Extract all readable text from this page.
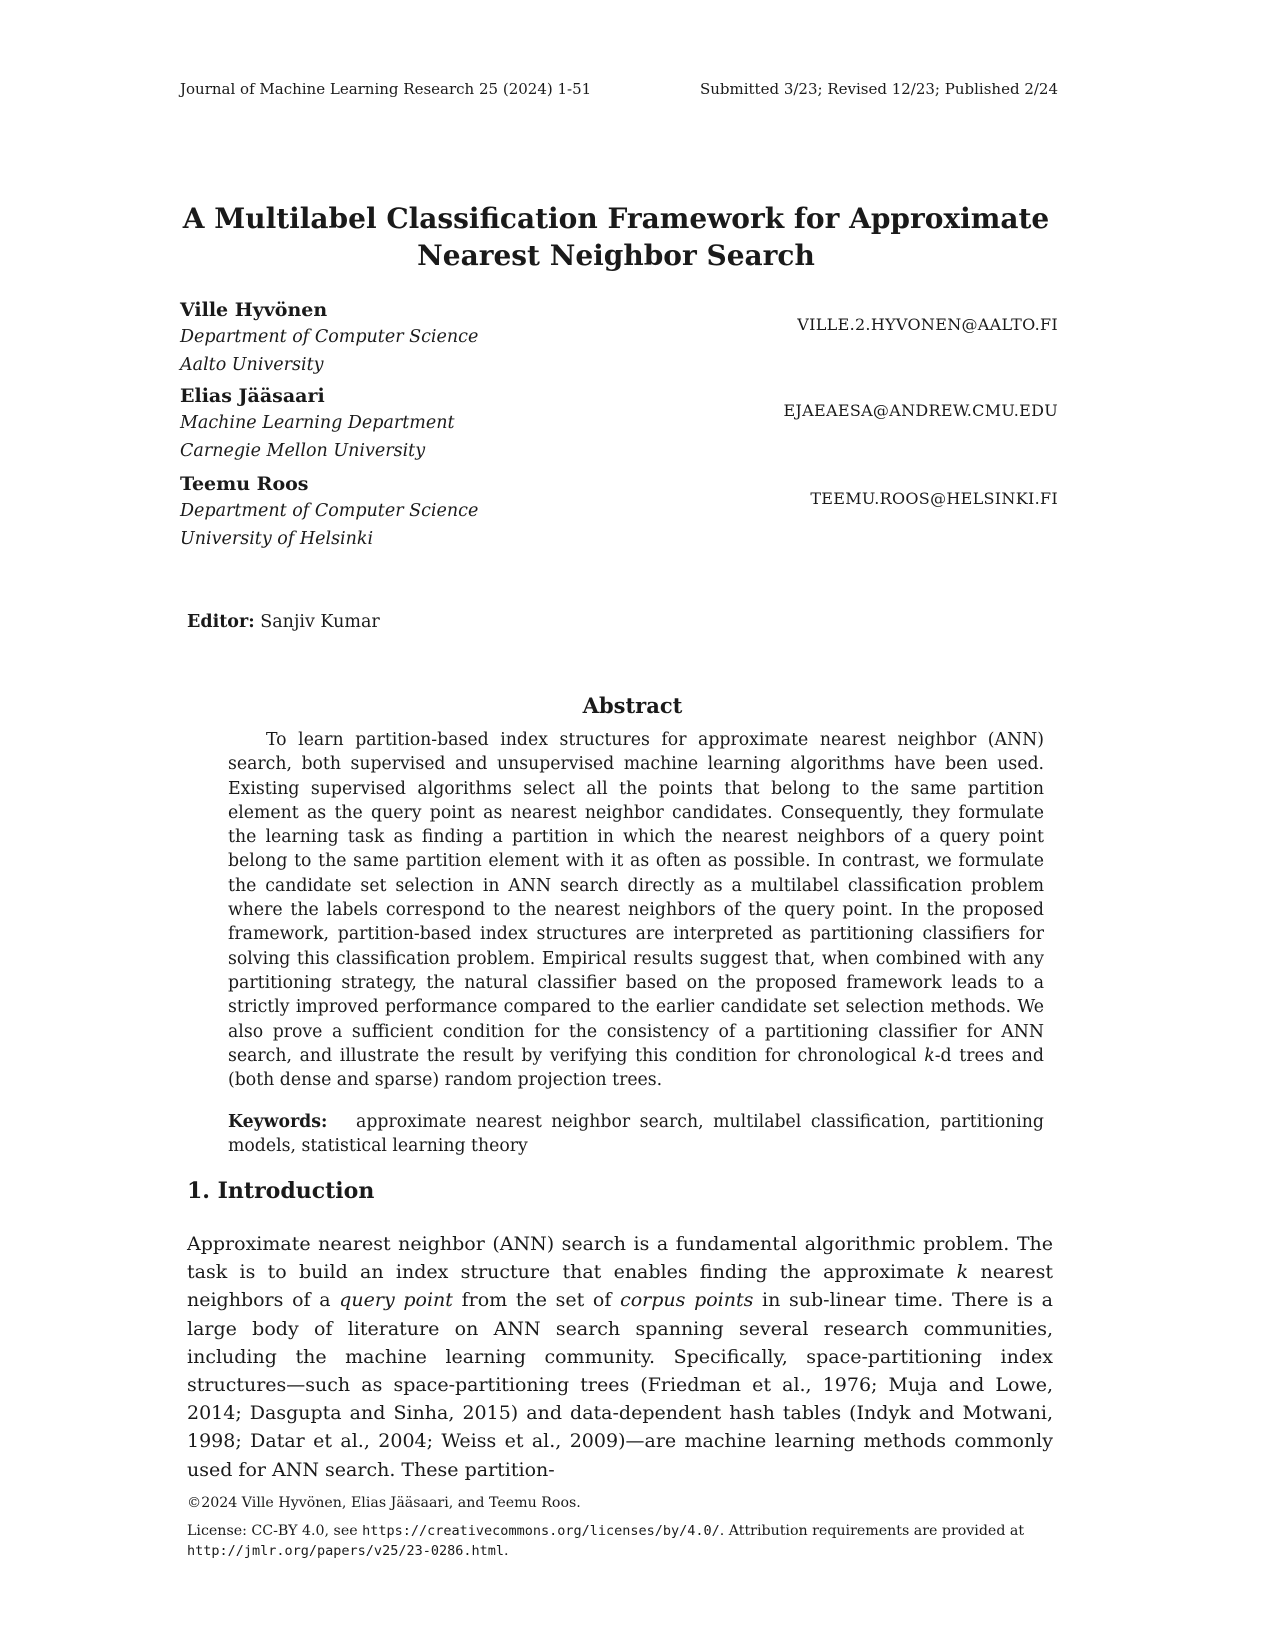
Journal of Machine Learning Research 25 (2024) 1-51	Submitted 3/23; Revised 12/23; Published 2/24
A Multilabel Classification Framework for Approximate
Nearest Neighbor Search
Ville Hyvönen
Department of Computer Science
Aalto University
VILLE.2.HYVONEN@AALTO.FI
Elias Jääsaari
Machine Learning Department
Carnegie Mellon University
EJAEAESA@ANDREW.CMU.EDU
Teemu Roos
Department of Computer Science
University of Helsinki
TEEMU.ROOS@HELSINKI.FI
Editor: Sanjiv Kumar
Abstract

To learn partition-based index structures for approximate nearest neighbor (ANN) search, both supervised and unsupervised machine learning algorithms have been used. Existing supervised algorithms select all the points that belong to the same partition element as the query point as nearest neighbor candidates. Consequently, they formulate the learning task as finding a partition in which the nearest neighbors of a query point belong to the same partition element with it as often as possible. In contrast, we formulate the candidate set selection in ANN search directly as a multilabel classification problem where the labels correspond to the nearest neighbors of the query point. In the proposed framework, partition-based index structures are interpreted as partitioning classifiers for solving this classification problem. Empirical results suggest that, when combined with any partitioning strategy, the natural classifier based on the proposed framework leads to a strictly improved performance compared to the earlier candidate set selection methods. We also prove a sufficient condition for the consistency of a partitioning classifier for ANN search, and illustrate the result by verifying this condition for chronological k-d trees and (both dense and sparse) random projection trees.

Keywords: approximate nearest neighbor search, multilabel classification, partitioning models, statistical learning theory

1. Introduction

Approximate nearest neighbor (ANN) search is a fundamental algorithmic problem. The task is to build an index structure that enables finding the approximate k nearest neighbors of a query point from the set of corpus points in sub-linear time. There is a large body of literature on ANN search spanning several research communities, including the machine learning community. Specifically, space-partitioning index structures—such as space-partitioning trees (Friedman et al., 1976; Muja and Lowe, 2014; Dasgupta and Sinha, 2015) and data-dependent hash tables (Indyk and Motwani, 1998; Datar et al., 2004; Weiss et al., 2009)—are machine learning methods commonly used for ANN search. These partition-

©2024 Ville Hyvönen, Elias Jääsaari, and Teemu Roos.
License: CC-BY 4.0, see https://creativecommons.org/licenses/by/4.0/. Attribution requirements are provided at http://jmlr.org/papers/v25/23-0286.html.
